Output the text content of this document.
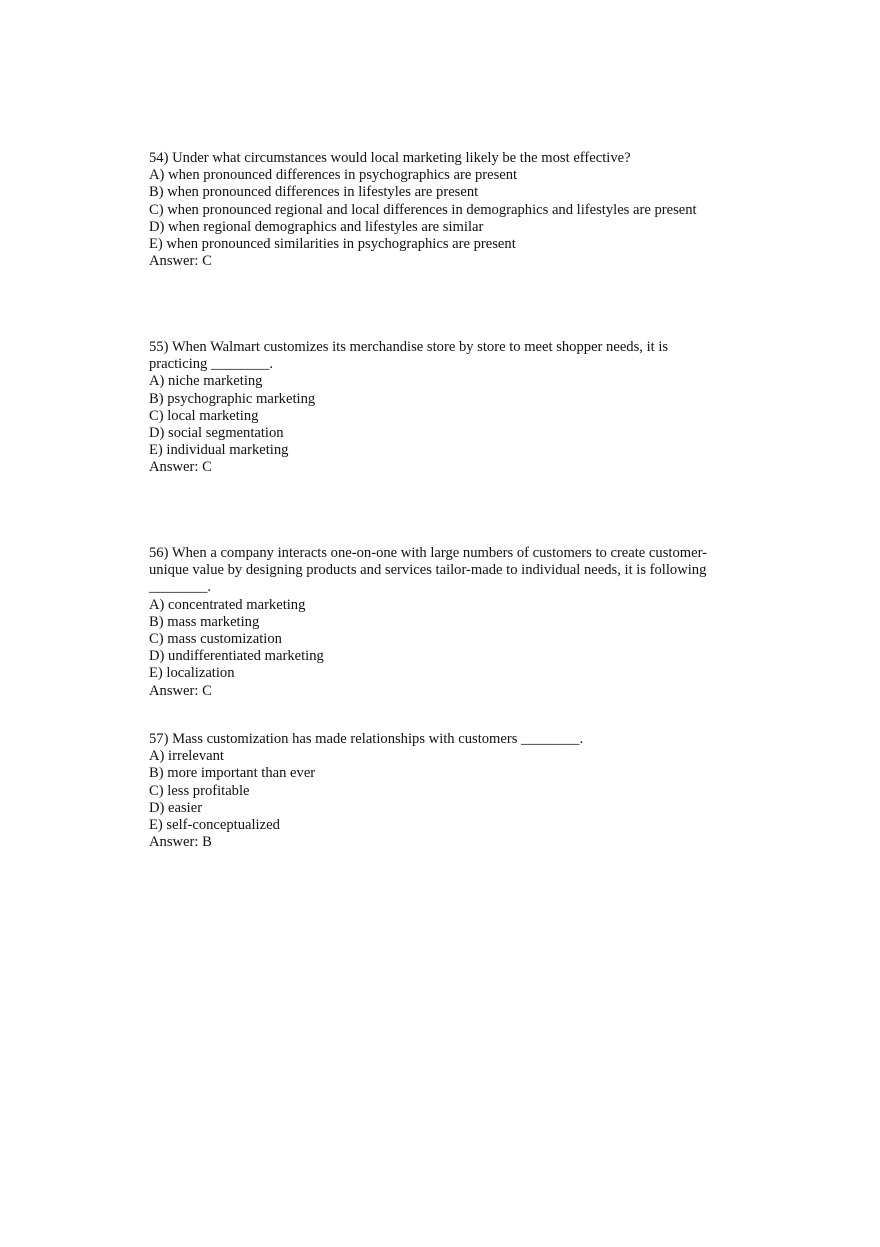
54) Under what circumstances would local marketing likely be the most effective?
A) when pronounced differences in psychographics are present
B) when pronounced differences in lifestyles are present
C) when pronounced regional and local differences in demographics and lifestyles are present
D) when regional demographics and lifestyles are similar
E) when pronounced similarities in psychographics are present
Answer: C
55) When Walmart customizes its merchandise store by store to meet shopper needs, it is
practicing ________.
A) niche marketing
B) psychographic marketing
C) local marketing
D) social segmentation
E) individual marketing
Answer: C
56) When a company interacts one-on-one with large numbers of customers to create customer-
unique value by designing products and services tailor-made to individual needs, it is following
________.
A) concentrated marketing
B) mass marketing
C) mass customization
D) undifferentiated marketing
E) localization
Answer: C
57) Mass customization has made relationships with customers ________.
A) irrelevant
B) more important than ever
C) less profitable
D) easier
E) self-conceptualized
Answer: B
